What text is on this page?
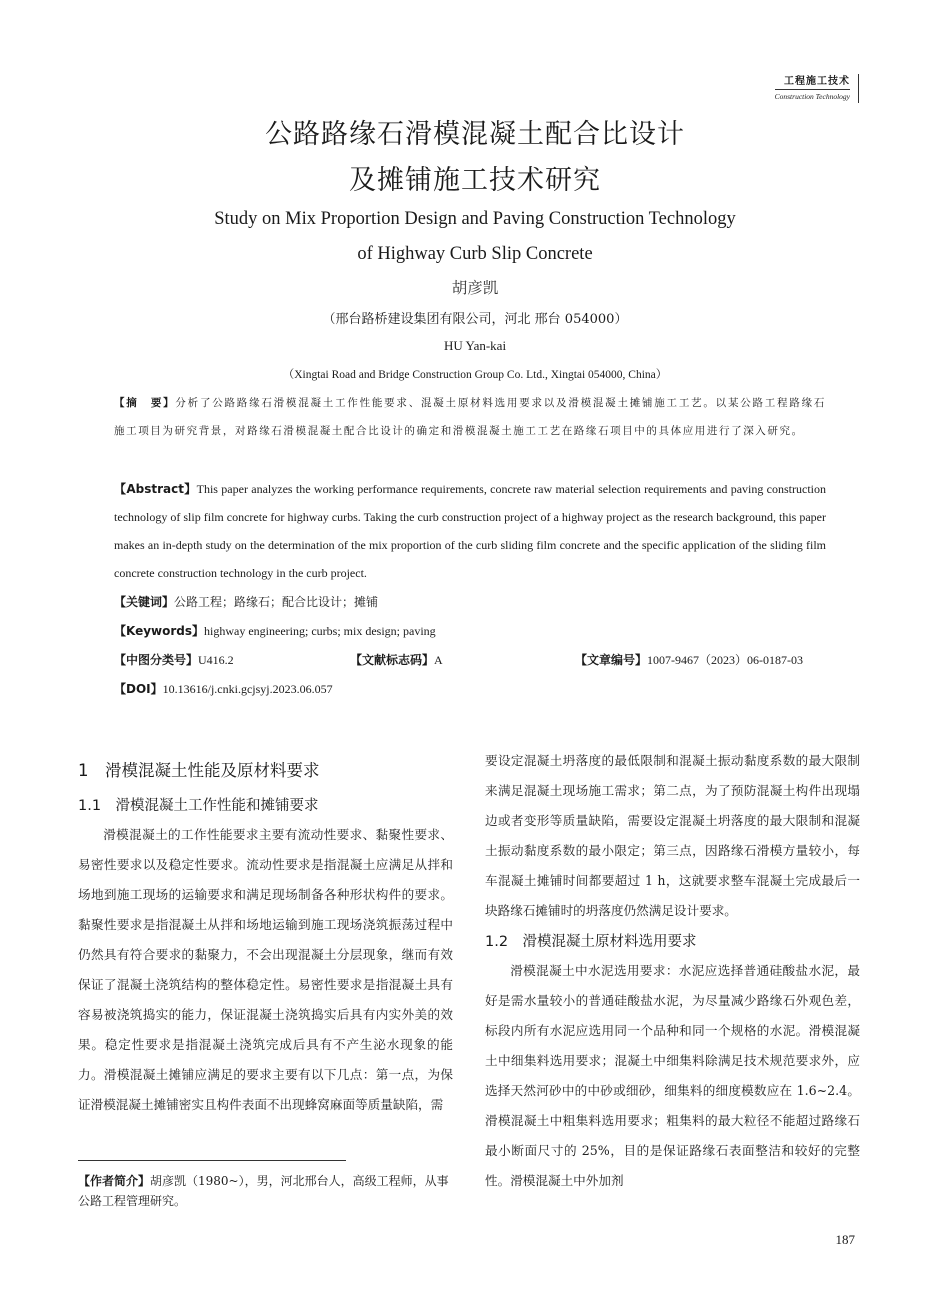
工程施工技术
Construction Technology
公路路缘石滑模混凝土配合比设计
及摊铺施工技术研究
Study on Mix Proportion Design and Paving Construction Technology
of Highway Curb Slip Concrete
胡彦凯
（邢台路桥建设集团有限公司，河北 邢台 054000）
HU Yan-kai
（Xingtai Road and Bridge Construction Group Co. Ltd., Xingtai 054000, China）
【摘　要】分析了公路路缘石滑模混凝土工作性能要求、混凝土原材料选用要求以及滑模混凝土摊铺施工工艺。以某公路工程路缘石施工项目为研究背景，对路缘石滑模混凝土配合比设计的确定和滑模混凝土施工工艺在路缘石项目中的具体应用进行了深入研究。
【Abstract】This paper analyzes the working performance requirements, concrete raw material selection requirements and paving construction technology of slip film concrete for highway curbs. Taking the curb construction project of a highway project as the research background, this paper makes an in-depth study on the determination of the mix proportion of the curb sliding film concrete and the specific application of the sliding film concrete construction technology in the curb project.
【关键词】公路工程；路缘石；配合比设计；摊铺
【Keywords】highway engineering; curbs; mix design; paving
【中图分类号】U416.2	【文献标志码】A	【文章编号】1007-9467（2023）06-0187-03
【DOI】10.13616/j.cnki.gcjsyj.2023.06.057
1　滑模混凝土性能及原材料要求
1.1　滑模混凝土工作性能和摊铺要求
滑模混凝土的工作性能要求主要有流动性要求、黏聚性要求、易密性要求以及稳定性要求。流动性要求是指混凝土应满足从拌和场地到施工现场的运输要求和满足现场制备各种形状构件的要求。黏聚性要求是指混凝土从拌和场地运输到施工现场浇筑振荡过程中仍然具有符合要求的黏聚力，不会出现混凝土分层现象，继而有效保证了混凝土浇筑结构的整体稳定性。易密性要求是指混凝土具有容易被浇筑捣实的能力，保证混凝土浇筑捣实后具有内实外美的效果。稳定性要求是指混凝土浇筑完成后具有不产生泌水现象的能力。滑模混凝土摊铺应满足的要求主要有以下几点：第一点，为保证滑模混凝土摊铺密实且构件表面不出现蜂窝麻面等质量缺陷，需
要设定混凝土坍落度的最低限制和混凝土振动黏度系数的最大限制来满足混凝土现场施工需求；第二点，为了预防混凝土构件出现塌边或者变形等质量缺陷，需要设定混凝土坍落度的最大限制和混凝土振动黏度系数的最小限定；第三点，因路缘石滑模方量较小，每车混凝土摊铺时间都要超过 1 h，这就要求整车混凝土完成最后一块路缘石摊铺时的坍落度仍然满足设计要求。
1.2　滑模混凝土原材料选用要求
滑模混凝土中水泥选用要求：水泥应选择普通硅酸盐水泥，最好是需水量较小的普通硅酸盐水泥，为尽量减少路缘石外观色差，标段内所有水泥应选用同一个品种和同一个规格的水泥。滑模混凝土中细集料选用要求；混凝土中细集料除满足技术规范要求外，应选择天然河砂中的中砂或细砂，细集料的细度模数应在 1.6~2.4。滑模混凝土中粗集料选用要求；粗集料的最大粒径不能超过路缘石最小断面尺寸的 25%，目的是保证路缘石表面整洁和较好的完整性。滑模混凝土中外加剂
【作者简介】胡彦凯（1980~），男，河北邢台人，高级工程师，从事公路工程管理研究。
187
